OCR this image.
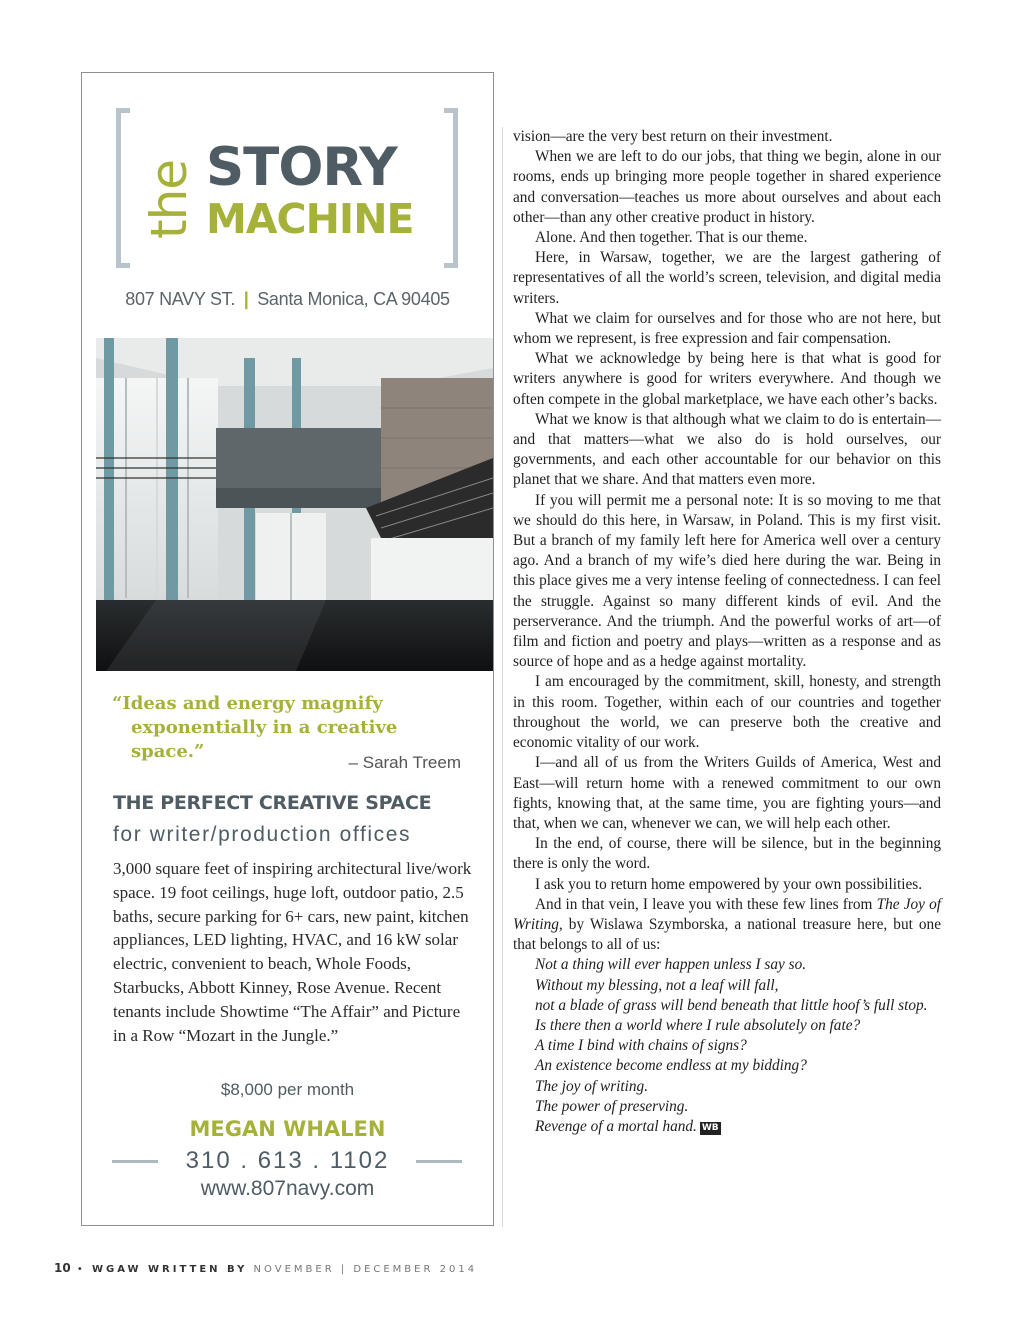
the STORY
MACHINE
807 NAVY ST. | Santa Monica, CA 90405
“Ideas and energy magnify
exponentially in a creative space.”
– Sarah Treem
THE PERFECT CREATIVE SPACE
for writer/production offices
3,000 square feet of inspiring architectural live/work space. 19 foot ceilings, huge loft, outdoor patio, 2.5 baths, secure parking for 6+ cars, new paint, kitchen appliances, LED lighting, HVAC, and 16 kW solar electric, convenient to beach, Whole Foods, Starbucks, Abbott Kinney, Rose Avenue. Recent tenants include Showtime “The Affair” and Picture in a Row “Mozart in the Jungle.”
$8,000 per month
MEGAN WHALEN
310 . 613 . 1102
www.807navy.com

vision—are the very best return on their investment.

When we are left to do our jobs, that thing we begin, alone in our rooms, ends up bringing more people together in shared experience and conversation—teaches us more about ourselves and about each other—than any other creative product in history.

Alone. And then together. That is our theme.

Here, in Warsaw, together, we are the largest gathering of representatives of all the world’s screen, television, and digital media writers.

What we claim for ourselves and for those who are not here, but whom we represent, is free expression and fair compensation.

What we acknowledge by being here is that what is good for writers anywhere is good for writers everywhere. And though we often compete in the global marketplace, we have each other’s backs.

What we know is that although what we claim to do is entertain—and that matters—what we also do is hold ourselves, our governments, and each other accountable for our behavior on this planet that we share. And that matters even more.

If you will permit me a personal note: It is so moving to me that we should do this here, in Warsaw, in Poland. This is my first visit. But a branch of my family left here for America well over a century ago. And a branch of my wife’s died here during the war. Being in this place gives me a very intense feeling of connectedness. I can feel the struggle. Against so many different kinds of evil. And the perserverance. And the triumph. And the powerful works of art—of film and fiction and poetry and plays—written as a response and as source of hope and as a hedge against mortality.

I am encouraged by the commitment, skill, honesty, and strength in this room. Together, within each of our countries and together throughout the world, we can preserve both the creative and economic vitality of our work.

I—and all of us from the Writers Guilds of America, West and East—will return home with a renewed commitment to our own fights, knowing that, at the same time, you are fighting yours—and that, when we can, whenever we can, we will help each other.

In the end, of course, there will be silence, but in the beginning there is only the word.

I ask you to return home empowered by your own possibilities.

And in that vein, I leave you with these few lines from The Joy of Writing, by Wislawa Szymborska, a national treasure here, but one that belongs to all of us:

Not a thing will ever happen unless I say so.
Without my blessing, not a leaf will fall,
not a blade of grass will bend beneath that little hoof’s full stop.
Is there then a world where I rule absolutely on fate?
A time I bind with chains of signs?
An existence become endless at my bidding?
The joy of writing.
The power of preserving.
Revenge of a mortal hand. WB
10 • WGAW WRITTEN BY NOVEMBER | DECEMBER 2014
